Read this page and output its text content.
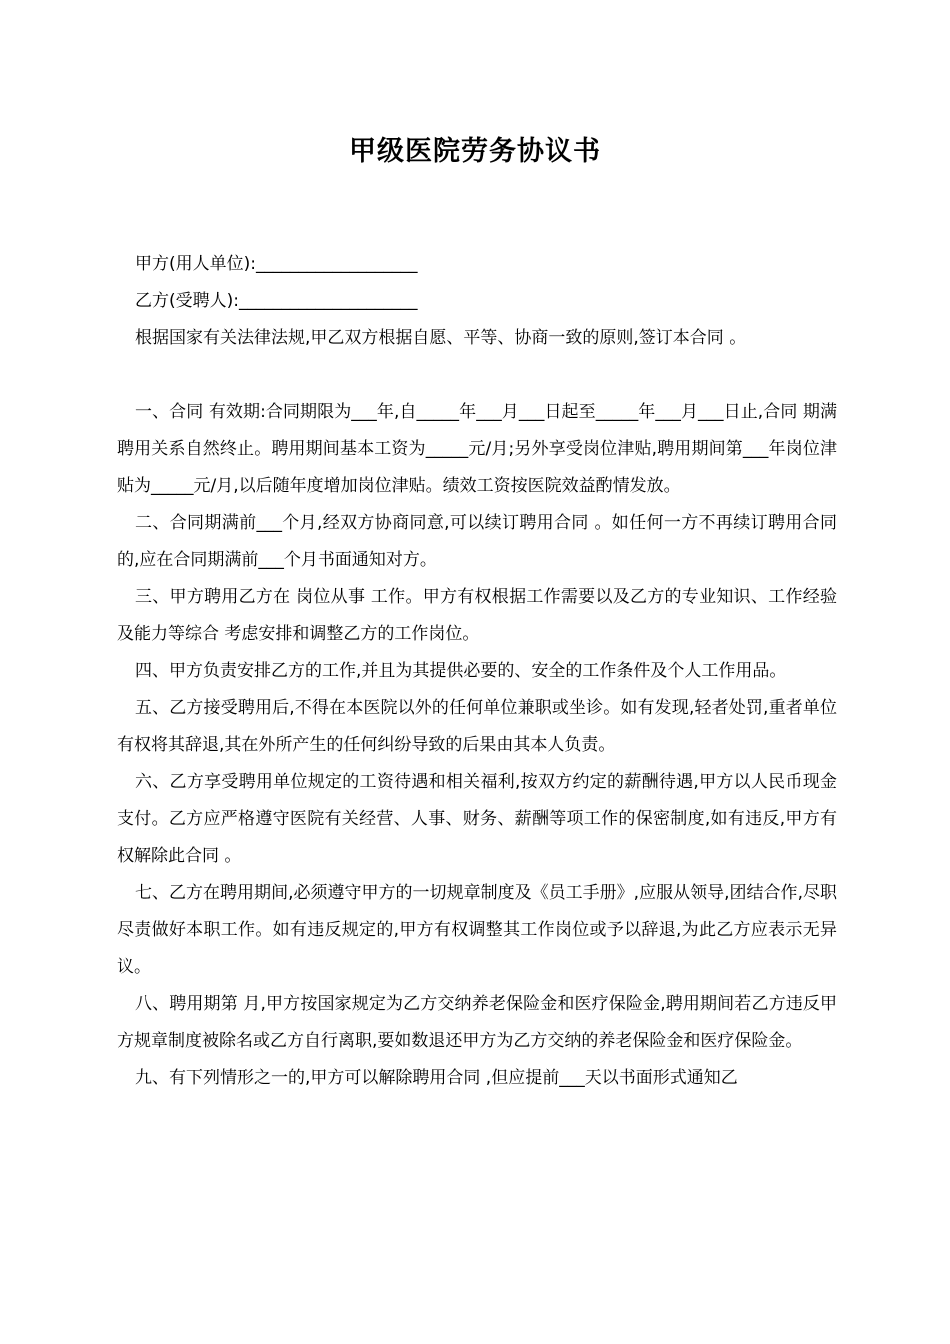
甲级医院劳务协议书

甲方(用人单位):___________________

乙方(受聘人):_____________________

根据国家有关法律法规,甲乙双方根据自愿、平等、协商一致的原则,签订本合同 。

一、合同 有效期:合同期限为___年,自_____年___月___日起至_____年___月___日止,合同 期满聘用关系自然终止。聘用期间基本工资为_____元/月;另外享受岗位津贴,聘用期间第___年岗位津贴为_____元/月,以后随年度增加岗位津贴。绩效工资按医院效益酌情发放。

二、合同期满前___个月,经双方协商同意,可以续订聘用合同 。如任何一方不再续订聘用合同的,应在合同期满前___个月书面通知对方。

三、甲方聘用乙方在 岗位从事 工作。甲方有权根据工作需要以及乙方的专业知识、工作经验及能力等综合 考虑安排和调整乙方的工作岗位。

四、甲方负责安排乙方的工作,并且为其提供必要的、安全的工作条件及个人工作用品。

五、乙方接受聘用后,不得在本医院以外的任何单位兼职或坐诊。如有发现,轻者处罚,重者单位有权将其辞退,其在外所产生的任何纠纷导致的后果由其本人负责。

六、乙方享受聘用单位规定的工资待遇和相关福利,按双方约定的薪酬待遇,甲方以人民币现金支付。乙方应严格遵守医院有关经营、人事、财务、薪酬等项工作的保密制度,如有违反,甲方有权解除此合同 。

七、乙方在聘用期间,必须遵守甲方的一切规章制度及《员工手册》,应服从领导,团结合作,尽职尽责做好本职工作。如有违反规定的,甲方有权调整其工作岗位或予以辞退,为此乙方应表示无异议。

八、聘用期第 月,甲方按国家规定为乙方交纳养老保险金和医疗保险金,聘用期间若乙方违反甲方规章制度被除名或乙方自行离职,要如数退还甲方为乙方交纳的养老保险金和医疗保险金。

九、有下列情形之一的,甲方可以解除聘用合同 ,但应提前___天以书面形式通知乙
